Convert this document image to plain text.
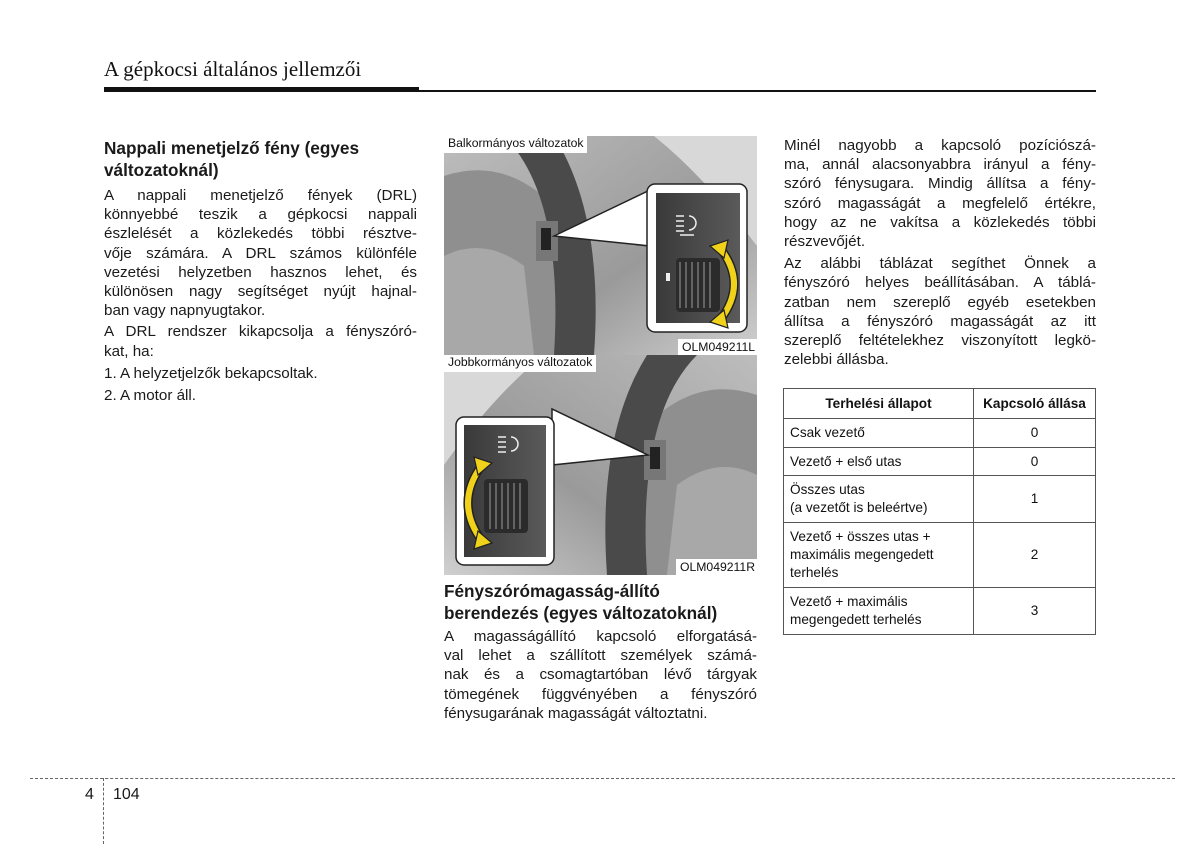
A gépkocsi általános jellemzői

Nappali menetjelző fény (egyes

változatoknál)

A nappali menetjelző fények (DRL)

könnyebbé teszik a gépkocsi nappali

észlelését a közlekedés többi résztve-

vője számára. A DRL számos különféle

vezetési helyzetben hasznos lehet, és

különösen nagy segítséget nyújt hajnal-

ban vagy napnyugtakor.

A DRL rendszer kikapcsolja a fényszóró-

kat, ha:

1. A helyzetjelzők bekapcsoltak.

2. A motor áll.

Balkormányos változatok
OLM049211L
Jobbkormányos változatok
OLM049211R

Fényszórómagasság-állító

berendezés (egyes változatoknál)

A magasságállító kapcsoló elforgatásá-

val lehet a szállított személyek számá-

nak és a csomagtartóban lévő tárgyak

tömegének függvényében a fényszóró

fénysugarának magasságát változtatni.

Minél nagyobb a kapcsoló pozíciószá-

ma, annál alacsonyabbra irányul a fény-

szóró fénysugara. Mindig állítsa a fény-

szóró magasságát a megfelelő értékre,

hogy az ne vakítsa a közlekedés többi

részvevőjét.

Az alábbi táblázat segíthet Önnek a

fényszóró helyes beállításában. A táblá-

zatban nem szereplő egyéb esetekben

állítsa a fényszóró magasságát az itt

szereplő feltételekhez viszonyított legkö-

zelebbi állásba.

Terhelési állapot	Kapcsoló állása
Csak vezető	0
Vezető + első utas	0
Összes utas
(a vezetőt is beleértve)	1
Vezető + összes utas +
maximális megengedett
terhelés	2
Vezető + maximális
megengedett terhelés	3
4 104
